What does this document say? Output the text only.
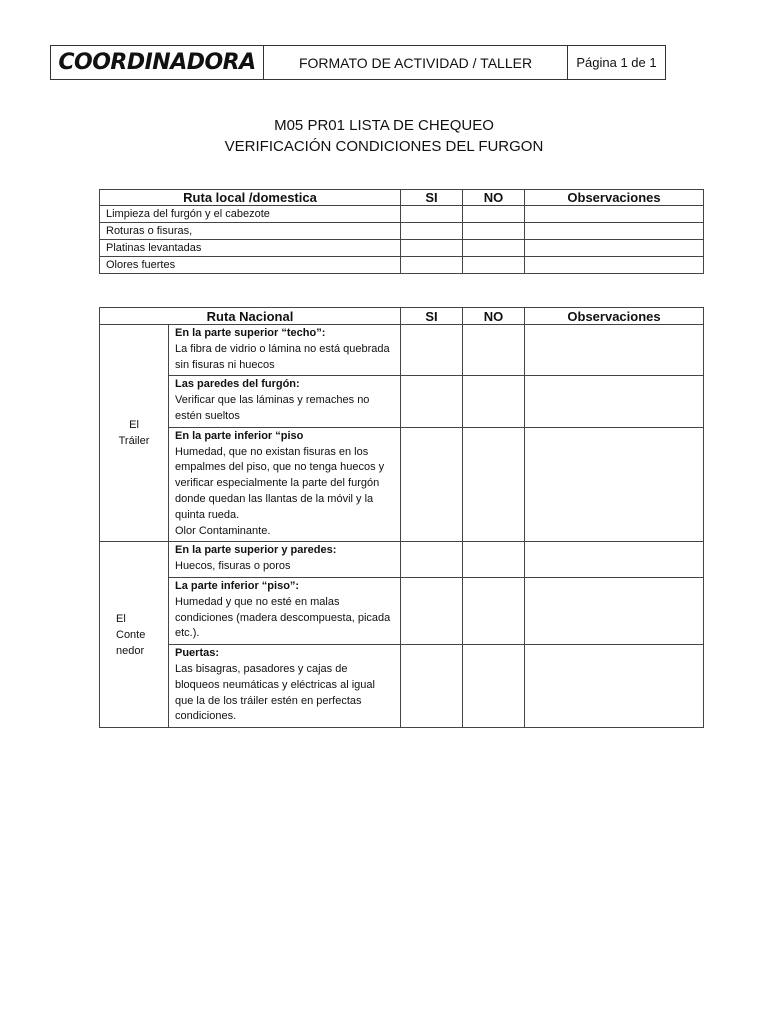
COORDINADORA	FORMATO DE ACTIVIDAD / TALLER	Página 1 de 1
M05 PR01 LISTA DE CHEQUEO
VERIFICACIÓN CONDICIONES DEL FURGON
Ruta local /domestica	SI	NO	Observaciones
Limpieza del furgón y el cabezote			
Roturas o fisuras,			
Platinas levantadas			
Olores fuertes			
Ruta Nacional		SI	NO	Observaciones

El Tráiler	En la parte superior “techo”:
La fibra de vidrio o lámina no está quebrada sin fisuras ni huecos			

	Las paredes del furgón:
Verificar que las láminas y remaches no estén sueltos			

	En la parte inferior “piso
Humedad, que no existan fisuras en los empalmes del piso, que no tenga huecos y verificar especialmente la parte del furgón donde quedan las llantas de la móvil y la quinta rueda.
Olor Contaminante.			

El Conte nedor	En la parte superior y paredes:
Huecos, fisuras o poros			

	La parte inferior “piso”:
Humedad y que no esté en malas condiciones (madera descompuesta, picada etc.).			

	Puertas:
Las bisagras, pasadores y cajas de bloqueos neumáticas y eléctricas al igual que la de los tráiler estén en perfectas condiciones.			
